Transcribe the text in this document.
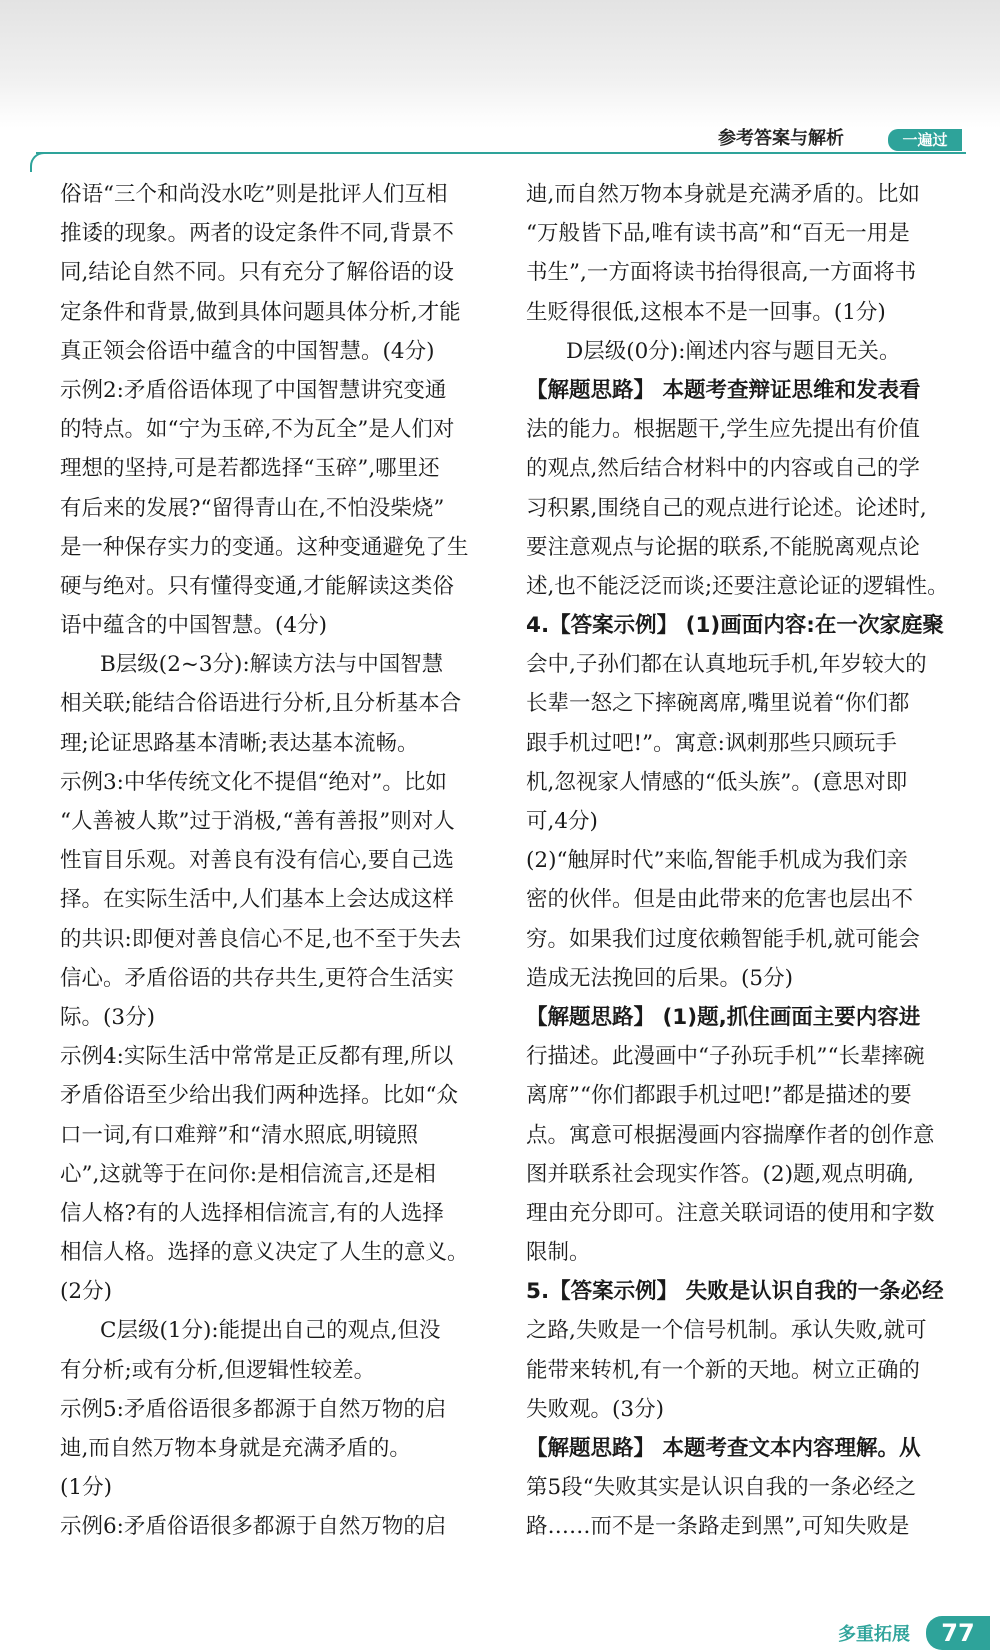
参考答案与解析	一遍过
俗语“三个和尚没水吃”则是批评人们互相
推诿的现象。两者的设定条件不同,背景不
同,结论自然不同。只有充分了解俗语的设
定条件和背景,做到具体问题具体分析,才能
真正领会俗语中蕴含的中国智慧。(4分)
示例2:矛盾俗语体现了中国智慧讲究变通
的特点。如“宁为玉碎,不为瓦全”是人们对
理想的坚持,可是若都选择“玉碎”,哪里还
有后来的发展?“留得青山在,不怕没柴烧”
是一种保存实力的变通。这种变通避免了生
硬与绝对。只有懂得变通,才能解读这类俗
语中蕴含的中国智慧。(4分)
B层级(2~3分):解读方法与中国智慧
相关联;能结合俗语进行分析,且分析基本合
理;论证思路基本清晰;表达基本流畅。
示例3:中华传统文化不提倡“绝对”。比如
“人善被人欺”过于消极,“善有善报”则对人
性盲目乐观。对善良有没有信心,要自己选
择。在实际生活中,人们基本上会达成这样
的共识:即便对善良信心不足,也不至于失去
信心。矛盾俗语的共存共生,更符合生活实
际。(3分)
示例4:实际生活中常常是正反都有理,所以
矛盾俗语至少给出我们两种选择。比如“众
口一词,有口难辩”和“清水照底,明镜照
心”,这就等于在问你:是相信流言,还是相
信人格?有的人选择相信流言,有的人选择
相信人格。选择的意义决定了人生的意义。
(2分)
C层级(1分):能提出自己的观点,但没
有分析;或有分析,但逻辑性较差。
示例5:矛盾俗语很多都源于自然万物的启
迪,而自然万物本身就是充满矛盾的。
(1分)
示例6:矛盾俗语很多都源于自然万物的启
迪,而自然万物本身就是充满矛盾的。比如
“万般皆下品,唯有读书高”和“百无一用是
书生”,一方面将读书抬得很高,一方面将书
生贬得很低,这根本不是一回事。(1分)
D层级(0分):阐述内容与题目无关。
【解题思路】 本题考查辩证思维和发表看
法的能力。根据题干,学生应先提出有价值
的观点,然后结合材料中的内容或自己的学
习积累,围绕自己的观点进行论述。论述时,
要注意观点与论据的联系,不能脱离观点论
述,也不能泛泛而谈;还要注意论证的逻辑性。
4.【答案示例】 (1)画面内容:在一次家庭聚
会中,子孙们都在认真地玩手机,年岁较大的
长辈一怒之下摔碗离席,嘴里说着“你们都
跟手机过吧!”。寓意:讽刺那些只顾玩手
机,忽视家人情感的“低头族”。(意思对即
可,4分)
(2)“触屏时代”来临,智能手机成为我们亲
密的伙伴。但是由此带来的危害也层出不
穷。如果我们过度依赖智能手机,就可能会
造成无法挽回的后果。(5分)
【解题思路】 (1)题,抓住画面主要内容进
行描述。此漫画中“子孙玩手机”“长辈摔碗
离席”“你们都跟手机过吧!”都是描述的要
点。寓意可根据漫画内容揣摩作者的创作意
图并联系社会现实作答。(2)题,观点明确,
理由充分即可。注意关联词语的使用和字数
限制。
5.【答案示例】 失败是认识自我的一条必经
之路,失败是一个信号机制。承认失败,就可
能带来转机,有一个新的天地。树立正确的
失败观。(3分)
【解题思路】 本题考查文本内容理解。从
第5段“失败其实是认识自我的一条必经之
路……而不是一条路走到黑”,可知失败是
多重拓展	77
